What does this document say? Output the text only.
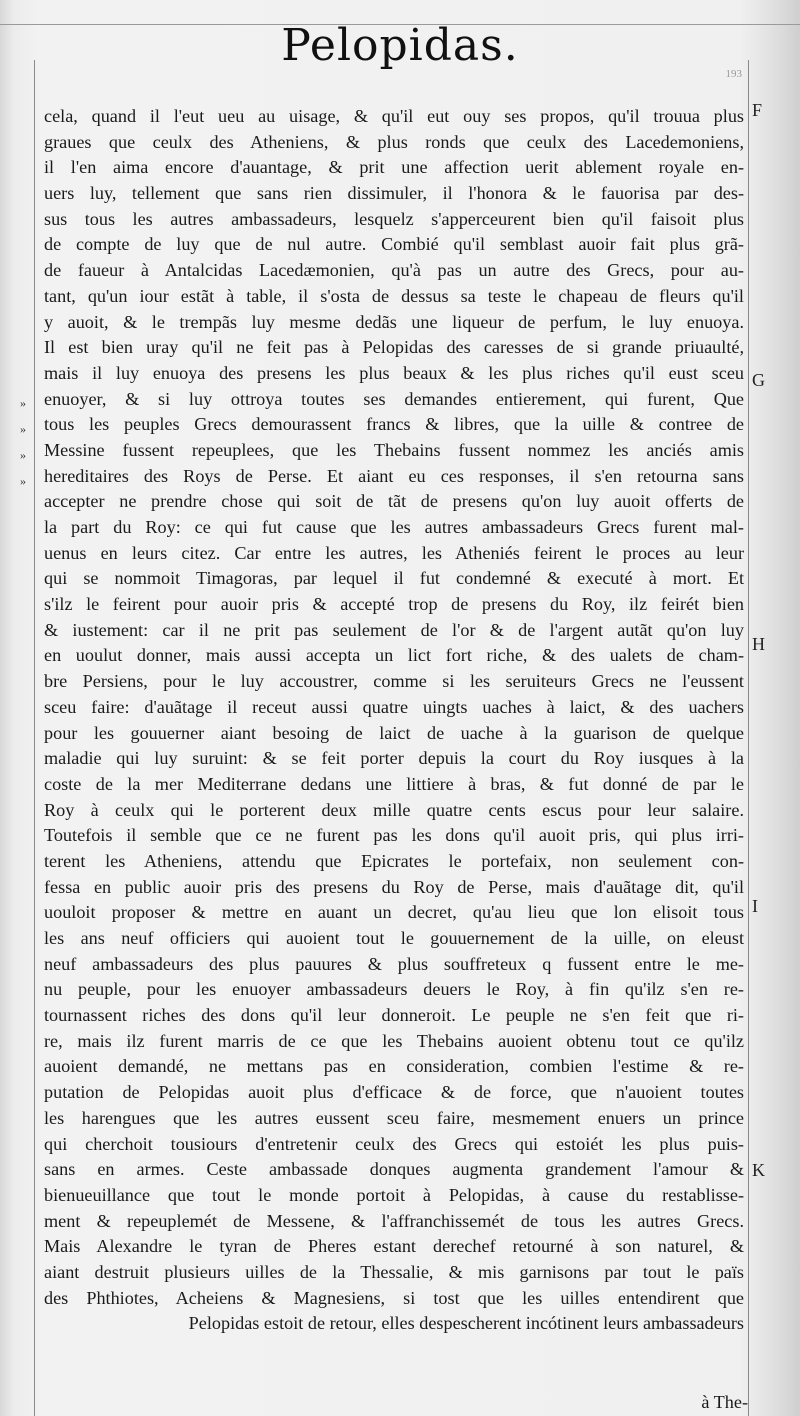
Pelopidas.
193
»
»
»
»
F
G
H
I
K
cela, quand il l'eut ueu au uisage, & qu'il eut ouy ses propos, qu'il trouua plus
graues que ceulx des Atheniens, & plus ronds que ceulx des Lacedemoniens,
il l'en aima encore d'auantage, & prit une affection uerit ablement royale en-
uers luy, tellement que sans rien dissimuler, il l'honora & le fauorisa par des-
sus tous les autres ambassadeurs, lesquelz s'apperceurent bien qu'il faisoit plus
de compte de luy que de nul autre. Combié qu'il semblast auoir fait plus grã-
de faueur à Antalcidas Lacedæmonien, qu'à pas un autre des Grecs, pour au-
tant, qu'un iour estãt à table, il s'osta de dessus sa teste le chapeau de fleurs qu'il
y auoit, & le trempãs luy mesme dedãs une liqueur de perfum, le luy enuoya.
Il est bien uray qu'il ne feit pas à Pelopidas des caresses de si grande priuaulté,
mais il luy enuoya des presens les plus beaux & les plus riches qu'il eust sceu
enuoyer, & si luy ottroya toutes ses demandes entierement, qui furent, Que
tous les peuples Grecs demourassent francs & libres, que la uille & contree de
Messine fussent repeuplees, que les Thebains fussent nommez les anciés amis
hereditaires des Roys de Perse. Et aiant eu ces responses, il s'en retourna sans
accepter ne prendre chose qui soit de tãt de presens qu'on luy auoit offerts de
la part du Roy: ce qui fut cause que les autres ambassadeurs Grecs furent mal-
uenus en leurs citez. Car entre les autres, les Atheniés feirent le proces au leur
qui se nommoit Timagoras, par lequel il fut condemné & executé à mort. Et
s'ilz le feirent pour auoir pris & accepté trop de presens du Roy, ilz feirét bien
& iustement: car il ne prit pas seulement de l'or & de l'argent autãt qu'on luy
en uoulut donner, mais aussi accepta un lict fort riche, & des ualets de cham-
bre Persiens, pour le luy accoustrer, comme si les seruiteurs Grecs ne l'eussent
sceu faire: d'auãtage il receut aussi quatre uingts uaches à laict, & des uachers
pour les gouuerner aiant besoing de laict de uache à la guarison de quelque
maladie qui luy suruint: & se feit porter depuis la court du Roy iusques à la
coste de la mer Mediterrane dedans une littiere à bras, & fut donné de par le
Roy à ceulx qui le porterent deux mille quatre cents escus pour leur salaire.
Toutefois il semble que ce ne furent pas les dons qu'il auoit pris, qui plus irri-
terent les Atheniens, attendu que Epicrates le portefaix, non seulement con-
fessa en public auoir pris des presens du Roy de Perse, mais d'auãtage dit, qu'il
uouloit proposer & mettre en auant un decret, qu'au lieu que lon elisoit tous
les ans neuf officiers qui auoient tout le gouuernement de la uille, on eleust
neuf ambassadeurs des plus pauures & plus souffreteux q fussent entre le me-
nu peuple, pour les enuoyer ambassadeurs deuers le Roy, à fin qu'ilz s'en re-
tournassent riches des dons qu'il leur donneroit. Le peuple ne s'en feit que ri-
re, mais ilz furent marris de ce que les Thebains auoient obtenu tout ce qu'ilz
auoient demandé, ne mettans pas en consideration, combien l'estime & re-
putation de Pelopidas auoit plus d'efficace & de force, que n'auoient toutes
les harengues que les autres eussent sceu faire, mesmement enuers un prince
qui cherchoit tousiours d'entretenir ceulx des Grecs qui estoiét les plus puis-
sans en armes. Ceste ambassade donques augmenta grandement l'amour &
bienueuillance que tout le monde portoit à Pelopidas, à cause du restablisse-
ment & repeuplemét de Messene, & l'affranchissemét de tous les autres Grecs.
Mais Alexandre le tyran de Pheres estant derechef retourné à son naturel, &
aiant destruit plusieurs uilles de la Thessalie, & mis garnisons par tout le païs
des Phthiotes, Acheiens & Magnesiens, si tost que les uilles entendirent que
Pelopidas estoit de retour, elles despescherent incótinent leurs ambassadeurs
à The-
